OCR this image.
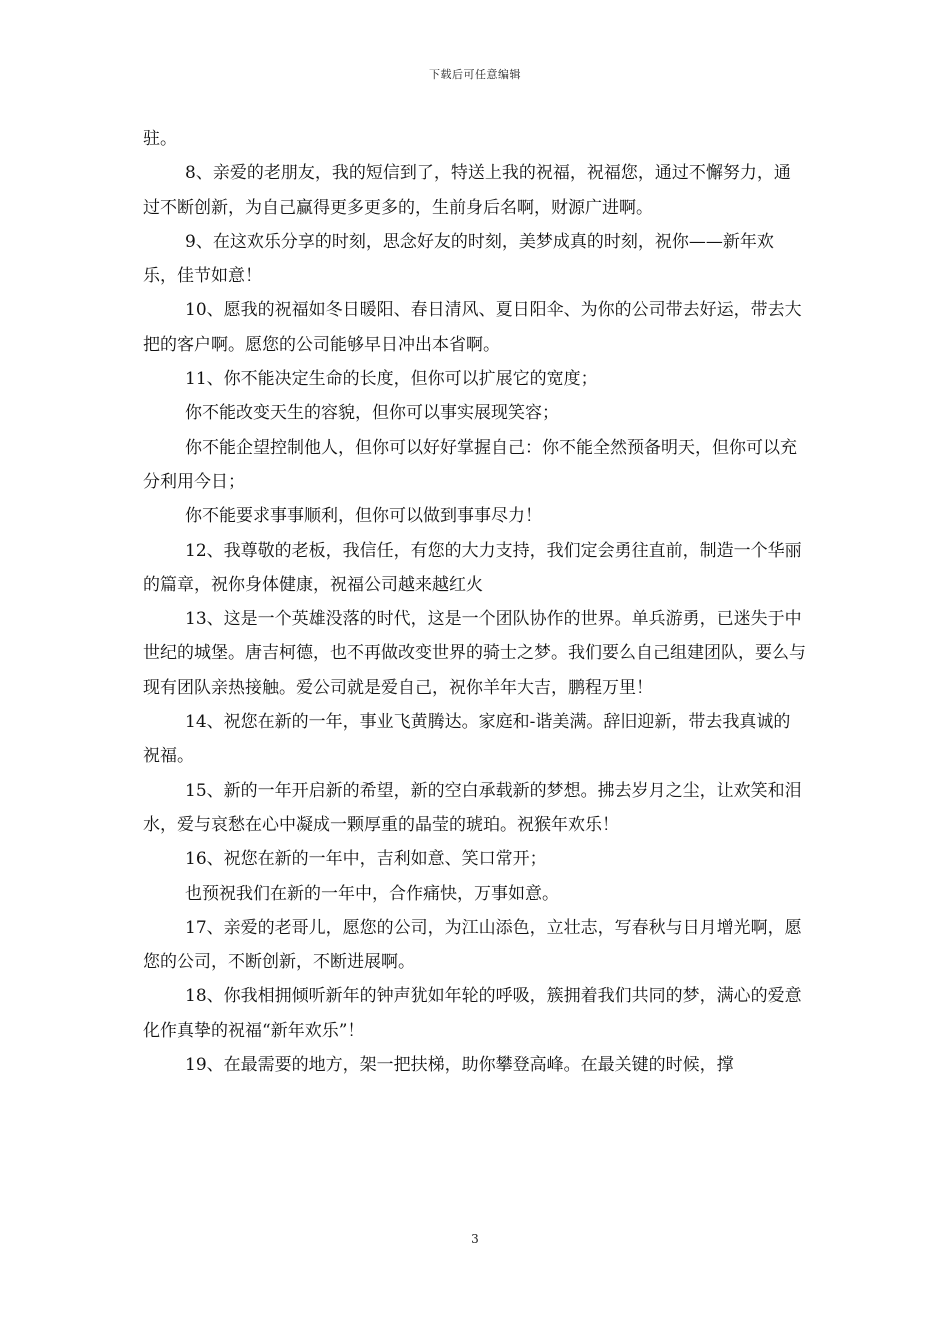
下载后可任意编辑

驻。

8、亲爱的老朋友，我的短信到了，特送上我的祝福，祝福您，通过不懈努力，通过不断创新，为自己赢得更多更多的，生前身后名啊，财源广进啊。

9、在这欢乐分享的时刻，思念好友的时刻，美梦成真的时刻，祝你——新年欢乐，佳节如意！

10、愿我的祝福如冬日暖阳、春日清风、夏日阳伞、为你的公司带去好运，带去大把的客户啊。愿您的公司能够早日冲出本省啊。

11、你不能决定生命的长度，但你可以扩展它的宽度；

你不能改变天生的容貌，但你可以事实展现笑容；

你不能企望控制他人，但你可以好好掌握自己：你不能全然预备明天，但你可以充分利用今日；

你不能要求事事顺利，但你可以做到事事尽力！

12、我尊敬的老板，我信任，有您的大力支持，我们定会勇往直前，制造一个华丽的篇章，祝你身体健康，祝福公司越来越红火

13、这是一个英雄没落的时代，这是一个团队协作的世界。单兵游勇，已迷失于中世纪的城堡。唐吉柯德，也不再做改变世界的骑士之梦。我们要么自己组建团队，要么与现有团队亲热接触。爱公司就是爱自己，祝你羊年大吉，鹏程万里！

14、祝您在新的一年，事业飞黄腾达。家庭和-谐美满。辞旧迎新，带去我真诚的祝福。

15、新的一年开启新的希望，新的空白承载新的梦想。拂去岁月之尘，让欢笑和泪水，爱与哀愁在心中凝成一颗厚重的晶莹的琥珀。祝猴年欢乐！

16、祝您在新的一年中，吉利如意、笑口常开；

也预祝我们在新的一年中，合作痛快，万事如意。

17、亲爱的老哥儿，愿您的公司，为江山添色，立壮志，写春秋与日月增光啊，愿您的公司，不断创新，不断进展啊。

18、你我相拥倾听新年的钟声犹如年轮的呼吸，簇拥着我们共同的梦，满心的爱意化作真挚的祝福“新年欢乐”！

19、在最需要的地方，架一把扶梯，助你攀登高峰。在最关键的时候，撑

3
